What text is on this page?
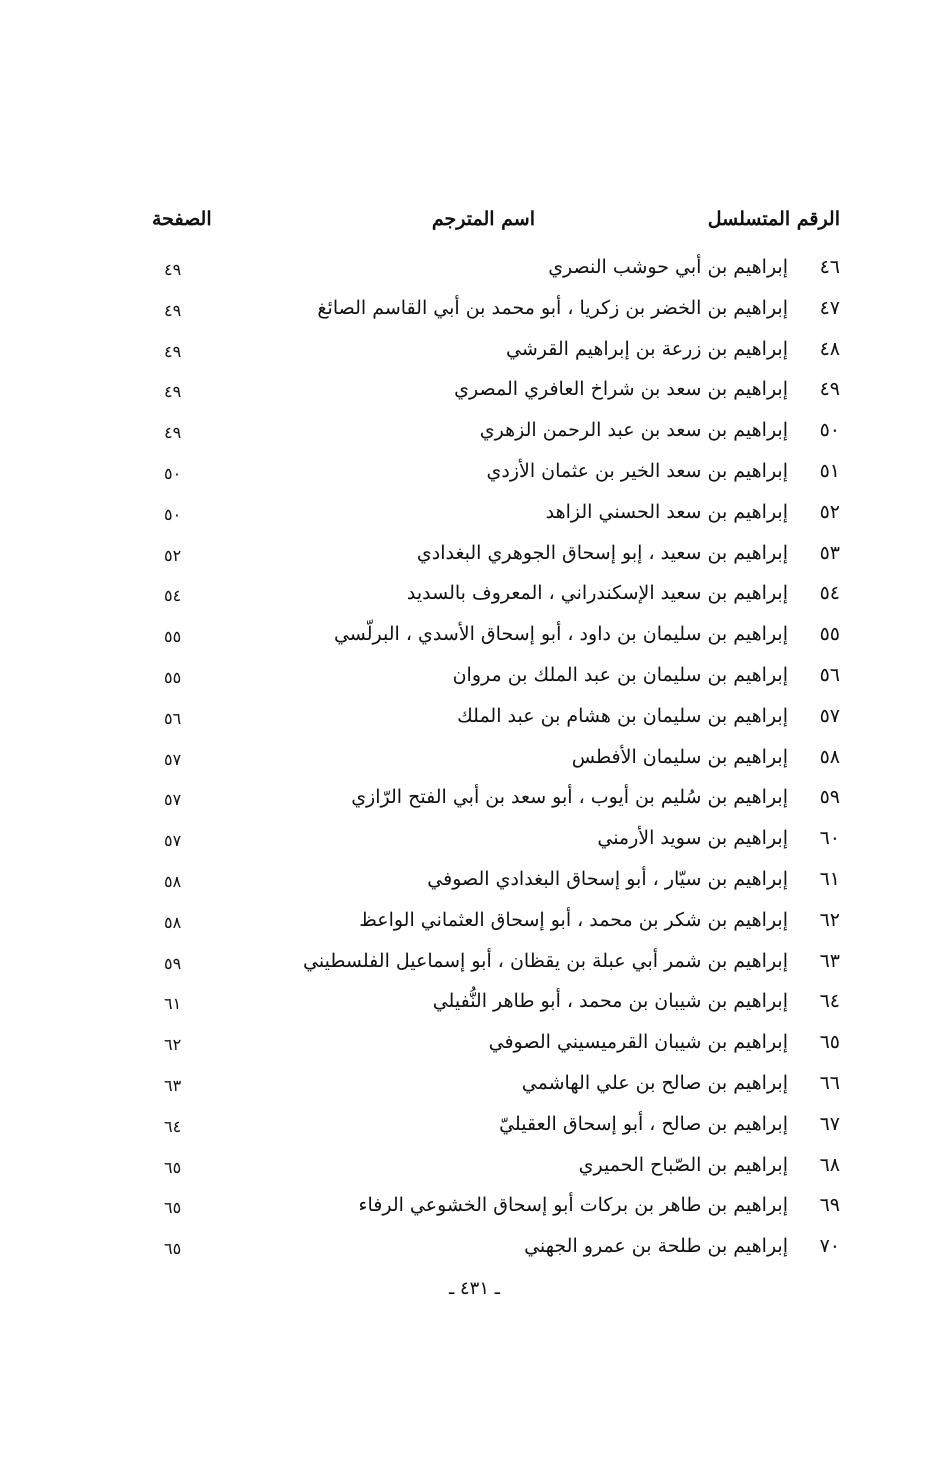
الرقم المتسلسل
اسم المترجم
الصفحة
٤٦
إبراهيم بن أبي حوشب النصري
٤٩
٤٧
إبراهيم بن الخضر بن زكريا ، أبو محمد بن أبي القاسم الصائغ
٤٩
٤٨
إبراهيم بن زرعة بن إبراهيم القرشي
٤٩
٤٩
إبراهيم بن سعد بن شراخ العافري المصري
٤٩
٥٠
إبراهيم بن سعد بن عبد الرحمن الزهري
٤٩
٥١
إبراهيم بن سعد الخير بن عثمان الأزدي
٥٠
٥٢
إبراهيم بن سعد الحسني الزاهد
٥٠
٥٣
إبراهيم بن سعيد ، إبو إسحاق الجوهري البغدادي
٥٢
٥٤
إبراهيم بن سعيد الإسكندراني ، المعروف بالسديد
٥٤
٥٥
إبراهيم بن سليمان بن داود ، أبو إسحاق الأسدي ، البرلّسي
٥٥
٥٦
إبراهيم بن سليمان بن عبد الملك بن مروان
٥٥
٥٧
إبراهيم بن سليمان بن هشام بن عبد الملك
٥٦
٥٨
إبراهيم بن سليمان الأفطس
٥٧
٥٩
إبراهيم بن سُليم بن أيوب ، أبو سعد بن أبي الفتح الرّازي
٥٧
٦٠
إبراهيم بن سويد الأرمني
٥٧
٦١
إبراهيم بن سيّار ، أبو إسحاق البغدادي الصوفي
٥٨
٦٢
إبراهيم بن شكر بن محمد ، أبو إسحاق العثماني الواعظ
٥٨
٦٣
إبراهيم بن شمر أبي عبلة بن يقظان ، أبو إسماعيل الفلسطيني
٥٩
٦٤
إبراهيم بن شيبان بن محمد ، أبو طاهر النُّفيلي
٦١
٦٥
إبراهيم بن شيبان القرميسيني الصوفي
٦٢
٦٦
إبراهيم بن صالح بن علي الهاشمي
٦٣
٦٧
إبراهيم بن صالح ، أبو إسحاق العقيليّ
٦٤
٦٨
إبراهيم بن الصّباح الحميري
٦٥
٦٩
إبراهيم بن طاهر بن بركات أبو إسحاق الخشوعي الرفاء
٦٥
٧٠
إبراهيم بن طلحة بن عمرو الجهني
٦٥
ـ ٤٣١ ـ
